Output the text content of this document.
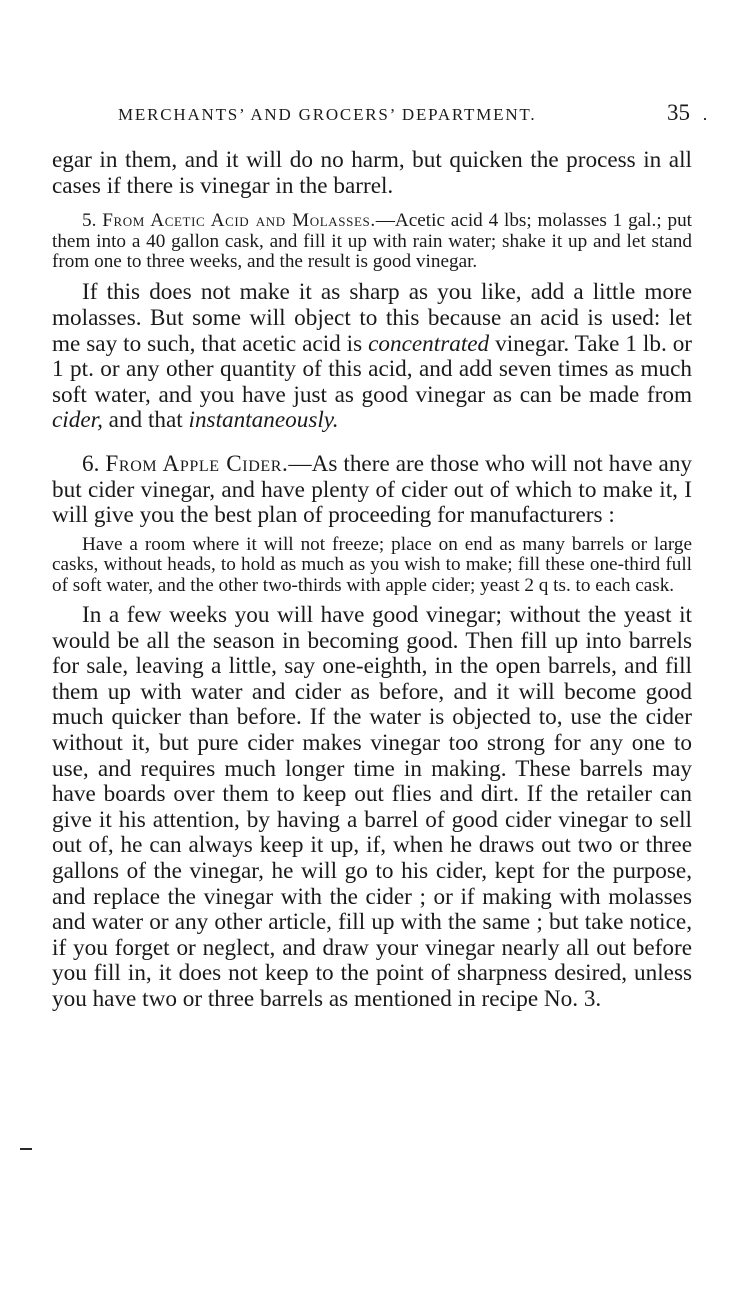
MERCHANTS’ AND GROCERS’ DEPARTMENT.	35

egar in them, and it will do no harm, but quicken the process in all cases if there is vinegar in the barrel.

5. From Acetic Acid and Molasses.—Acetic acid 4 lbs; molasses 1 gal.; put them into a 40 gallon cask, and fill it up with rain water; shake it up and let stand from one to three weeks, and the result is good vinegar.

If this does not make it as sharp as you like, add a little more molasses. But some will object to this because an acid is used: let me say to such, that acetic acid is concentrated vinegar. Take 1 lb. or 1 pt. or any other quantity of this acid, and add seven times as much soft water, and you have just as good vinegar as can be made from cider, and that instantaneously.

6. From Apple Cider.—As there are those who will not have any but cider vinegar, and have plenty of cider out of which to make it, I will give you the best plan of proceeding for manufacturers :

Have a room where it will not freeze; place on end as many barrels or large casks, without heads, to hold as much as you wish to make; fill these one-third full of soft water, and the other two-thirds with apple cider; yeast 2 q ts. to each cask.

In a few weeks you will have good vinegar; without the yeast it would be all the season in becoming good. Then fill up into barrels for sale, leaving a little, say one-eighth, in the open barrels, and fill them up with water and cider as before, and it will become good much quicker than before. If the water is objected to, use the cider without it, but pure cider makes vinegar too strong for any one to use, and requires much longer time in making. These barrels may have boards over them to keep out flies and dirt. If the retailer can give it his attention, by having a barrel of good cider vinegar to sell out of, he can always keep it up, if, when he draws out two or three gallons of the vinegar, he will go to his cider, kept for the purpose, and replace the vinegar with the cider ; or if making with molasses and water or any other article, fill up with the same ; but take notice, if you forget or neglect, and draw your vinegar nearly all out before you fill in, it does not keep to the point of sharpness desired, unless you have two or three barrels as mentioned in recipe No. 3.
